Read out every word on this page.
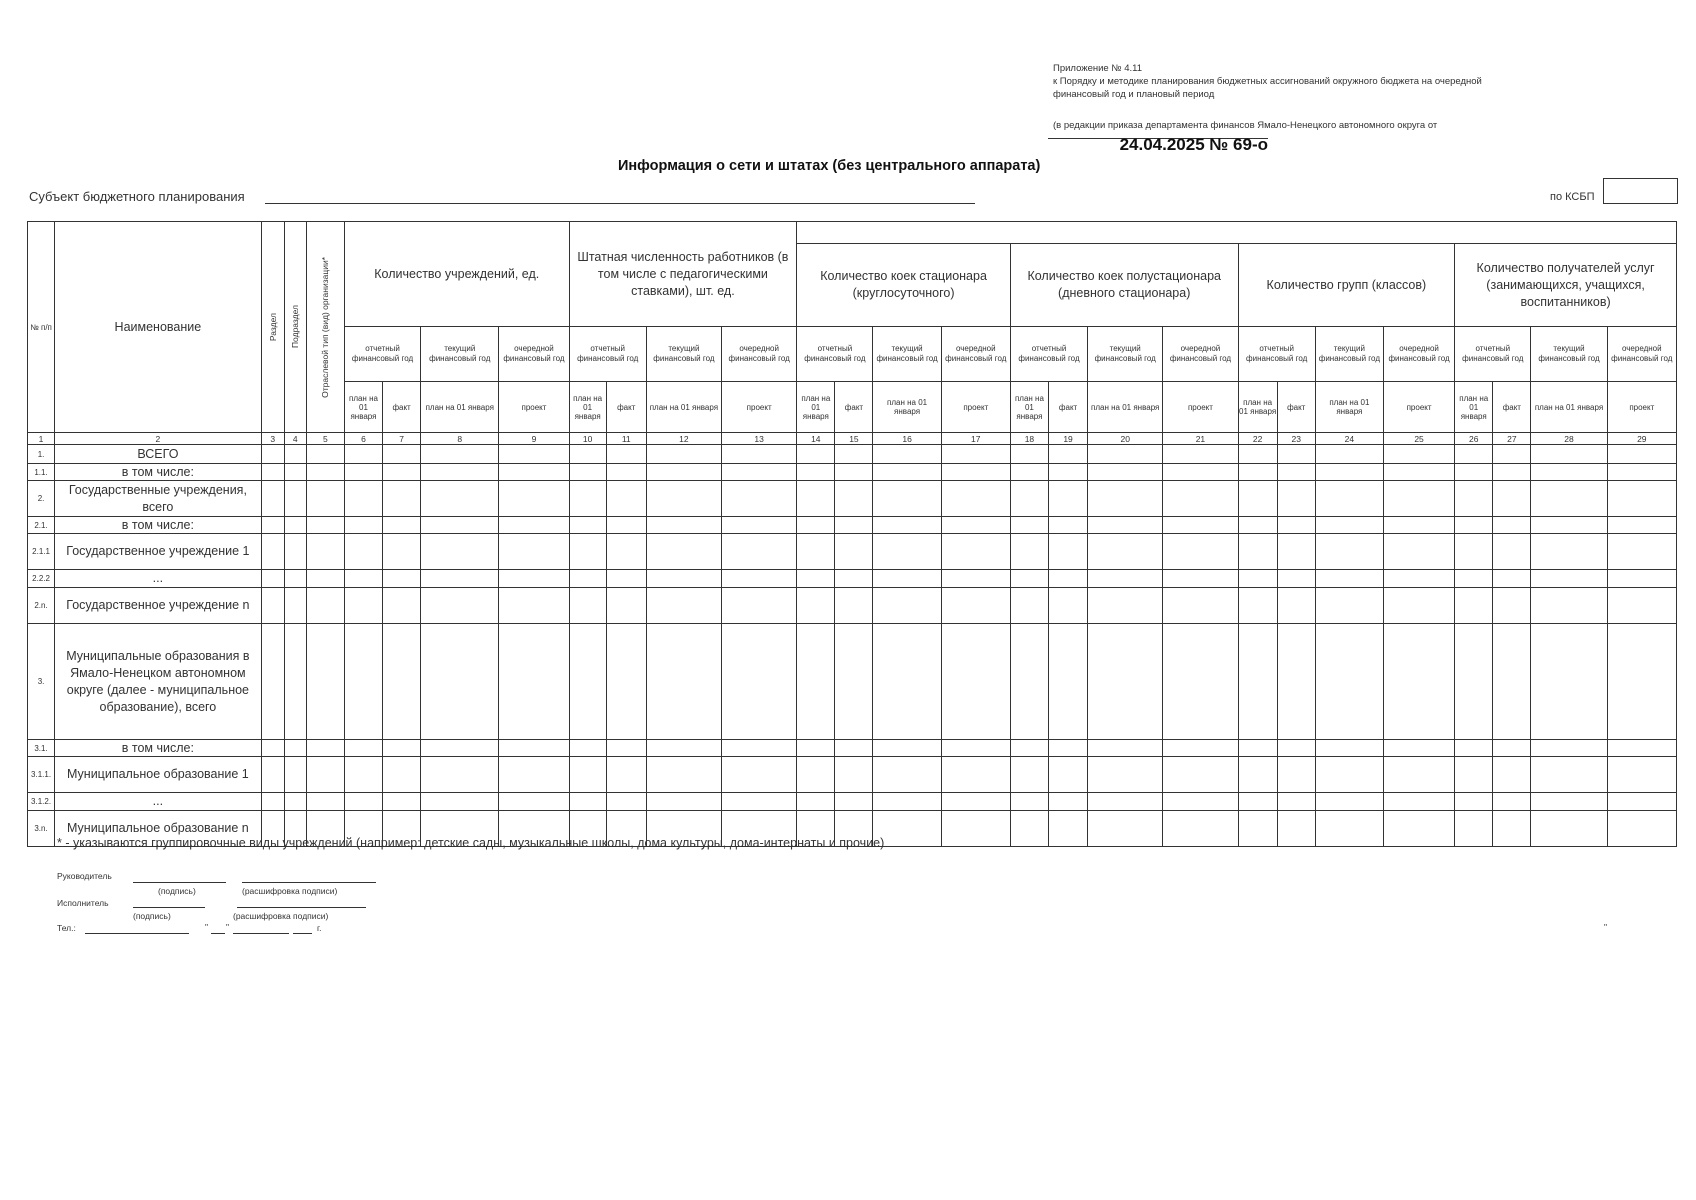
Приложение № 4.11
к Порядку и методике планирования бюджетных ассигнований окружного бюджета на очередной
финансовый год и плановый период
(в редакции приказа департамента финансов Ямало-Ненецкого автономного округа от
24.04.2025 № 69-о
Информация о сети и штатах (без центрального аппарата)
Субъект бюджетного планирования	по КСБП
№ п/п	Наименование	Раздел	Подраздел	Отраслевой тип (вид) организации*	Количество учреждений, ед.				Штатная численность работников (в том числе с педагогическими ставками), шт. ед.																			
													Количество коек стационара (круглосуточного)				Количество коек полустационара (дневного стационара)				Количество групп (классов)				Количество получателей услуг (занимающихся, учащихся, воспитанников)			
					отчетный финансовый год		текущий финансовый год	очередной финансовый год	отчетный финансовый год		текущий финансовый год	очередной финансовый год	отчетный финансовый год		текущий финансовый год	очередной финансовый год	отчетный финансовый год		текущий финансовый год	очередной финансовый год	отчетный финансовый год		текущий финансовый год	очередной финансовый год	отчетный финансовый год		текущий финансовый год	очередной финансовый год
					план на 01 января	факт	план на 01 января	проект	план на 01 января	факт	план на 01 января	проект	план на 01 января	факт	план на 01 января	проект	план на 01 января	факт	план на 01 января	проект	план на 01 января	факт	план на 01 января	проект	план на 01 января	факт	план на 01 января	проект
1	2	3	4	5	6	7	8	9	10	11	12	13	14	15	16	17	18	19	20	21	22	23	24	25	26	27	28	29
1.	ВСЕГО																											
1.1.	в том числе:																											
2.	Государственные учреждения, всего																											
2.1.	в том числе:																											
2.1.1	Государственное учреждение 1																											
2.2.2	...																											
2.n.	Государственное учреждение n																											
3.	Муниципальные образования в Ямало-Ненецком автономном округе (далее - муниципальное образование), всего																											
3.1.	в том числе:																											
3.1.1.	Муниципальное образование 1																											
3.1.2.	...																											
3.n.	Муниципальное образование n																											
* - указываются группировочные виды учреждений (например: детские сады, музыкальные школы, дома культуры, дома-интернаты и прочие)
Руководитель
(подпись)	(расшифровка подписи)
Исполнитель
(подпись)	(расшифровка подписи)
Тел.:	" "	г.	"
